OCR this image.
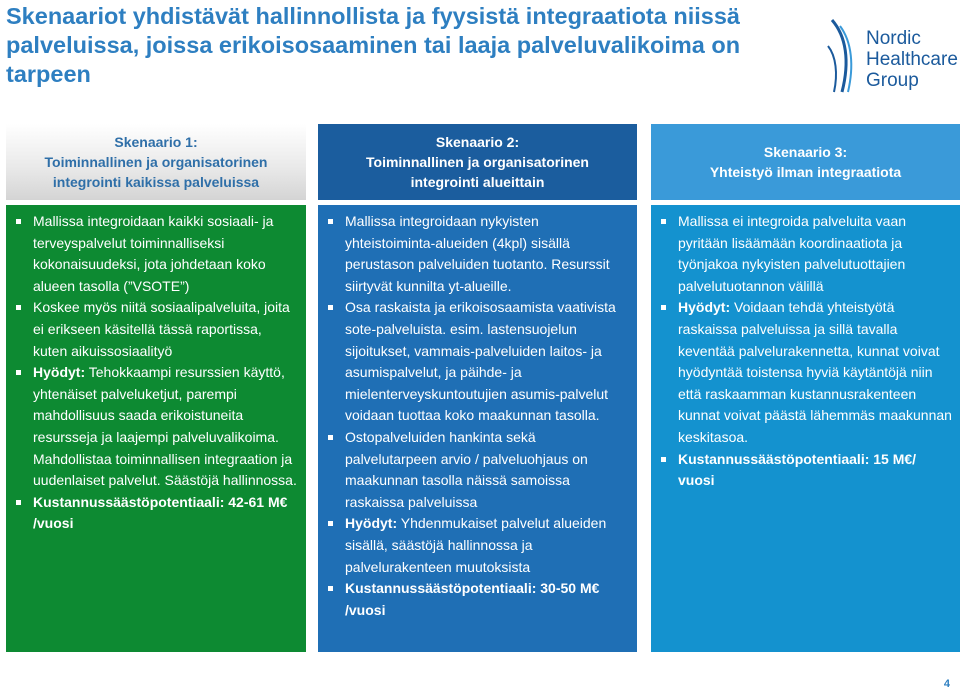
Skenaariot yhdistävät hallinnollista ja fyysistä integraatiota niissä
palveluissa, joissa erikoisosaaminen tai laaja palveluvalikoima on
tarpeen
Nordic
Healthcare
Group
Skenaario 1:
Toiminnallinen ja organisatorinen
integrointi kaikissa palveluissa
Skenaario 2:
Toiminnallinen ja organisatorinen
integrointi alueittain
Skenaario 3:
Yhteistyö ilman integraatiota
Mallissa integroidaan kaikki sosiaali- ja terveyspalvelut toiminnalliseksi kokonaisuudeksi, jota johdetaan koko alueen tasolla (”VSOTE”)
Koskee myös niitä sosiaalipalveluita, joita ei erikseen käsitellä tässä raportissa, kuten aikuissosiaalityö
Hyödyt: Tehokkaampi resurssien käyttö, yhtenäiset palveluketjut, parempi mahdollisuus saada erikoistuneita resursseja ja laajempi palveluvalikoima. Mahdollistaa toiminnallisen integraation ja uudenlaiset palvelut. Säästöjä hallinnossa.
Kustannussäästöpotentiaali: 42-61 M€ /vuosi
Mallissa integroidaan nykyisten yhteistoiminta-alueiden (4kpl) sisällä perustason palveluiden tuotanto. Resurssit siirtyvät kunnilta yt-alueille.
Osa raskaista ja erikoisosaamista vaativista sote-palveluista. esim. lastensuojelun sijoitukset, vammais-palveluiden laitos- ja asumispalvelut, ja päihde- ja mielenterveyskuntoutujien asumis-palvelut voidaan tuottaa koko maakunnan tasolla.
Ostopalveluiden hankinta sekä palvelutarpeen arvio / palveluohjaus on maakunnan tasolla näissä samoissa raskaissa palveluissa
Hyödyt: Yhdenmukaiset palvelut alueiden sisällä, säästöjä hallinnossa ja palvelurakenteen muutoksista
Kustannussäästöpotentiaali: 30-50 M€ /vuosi
Mallissa ei integroida palveluita vaan pyritään lisäämään koordinaatiota ja työnjakoa nykyisten palvelutuottajien palvelutuotannon välillä
Hyödyt: Voidaan tehdä yhteistyötä raskaissa palveluissa ja sillä tavalla keventää palvelurakennetta, kunnat voivat hyödyntää toistensa hyviä käytäntöjä niin että raskaamman kustannusrakenteen kunnat voivat päästä lähemmäs maakunnan keskitasoa.
Kustannussäästöpotentiaali: 15 M€/ vuosi
4
